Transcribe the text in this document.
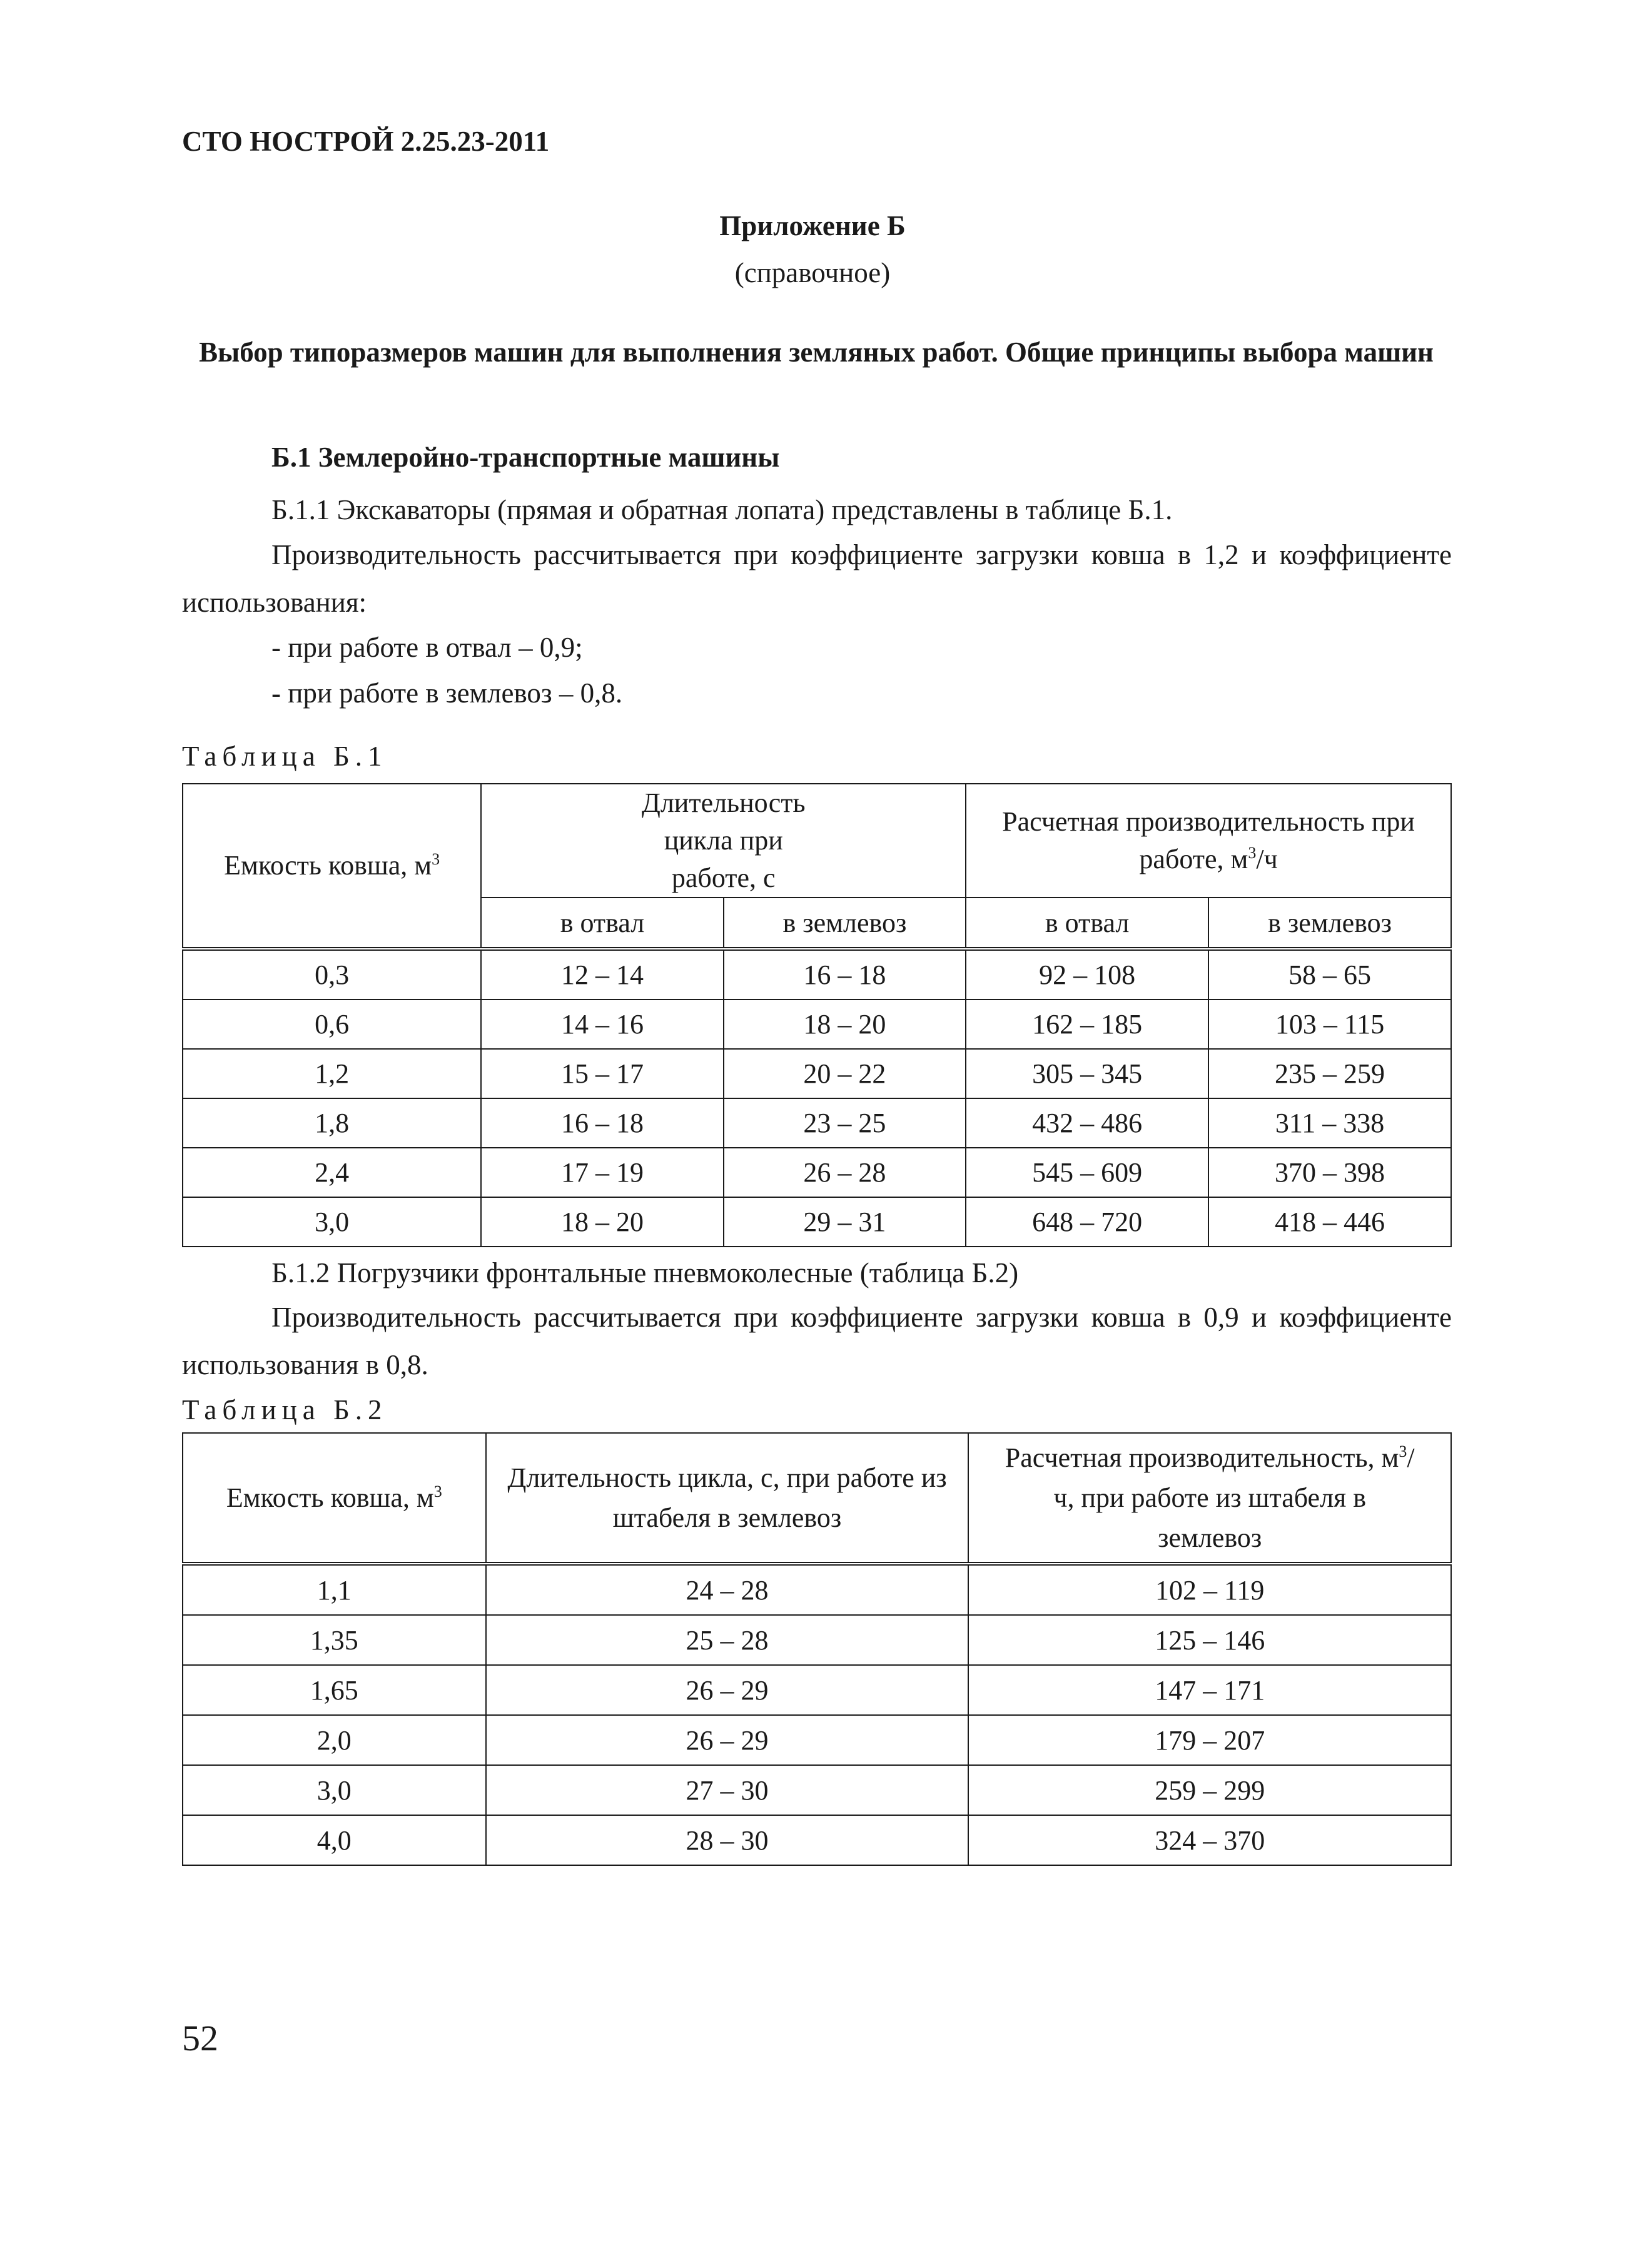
СТО НОСТРОЙ 2.25.23-2011
Приложение Б
(справочное)
Выбор типоразмеров машин для выполнения земляных работ. Общие принципы выбора машин
Б.1 Землеройно-транспортные машины
Б.1.1 Экскаваторы (прямая и обратная лопата) представлены в таблице Б.1.
Производительность рассчитывается при коэффициенте загрузки ковша в 1,2 и коэффициенте использования:
- при работе в отвал – 0,9;
- при работе в землевоз – 0,8.
Таблица Б.1
Емкость ковша, $м^3$	Длительность цикла при работе, с		Расчетная производительность при работе, $м^3/ч$	

	в отвал	в землевоз	в отвал	в землевоз
0,3	12 – 14	16 – 18	92 – 108	58 – 65
0,6	14 – 16	18 – 20	162 – 185	103 – 115
1,2	15 – 17	20 – 22	305 – 345	235 – 259
1,8	16 – 18	23 – 25	432 – 486	311 – 338
2,4	17 – 19	26 – 28	545 – 609	370 – 398
3,0	18 – 20	29 – 31	648 – 720	418 – 446
Б.1.2 Погрузчики фронтальные пневмоколесные (таблица Б.2)
Производительность рассчитывается при коэффициенте загрузки ковша в 0,9 и коэффициенте использования в 0,8.
Таблица Б.2
Емкость ковша, $м^3$	Длительность цикла, с, при работе из штабеля в землевоз	Расчетная производительность, $м^3/ч$, при работе из штабеля в землевоз

1,1	24 – 28	102 – 119
1,35	25 – 28	125 – 146
1,65	26 – 29	147 – 171
2,0	26 – 29	179 – 207
3,0	27 – 30	259 – 299
4,0	28 – 30	324 – 370
52
